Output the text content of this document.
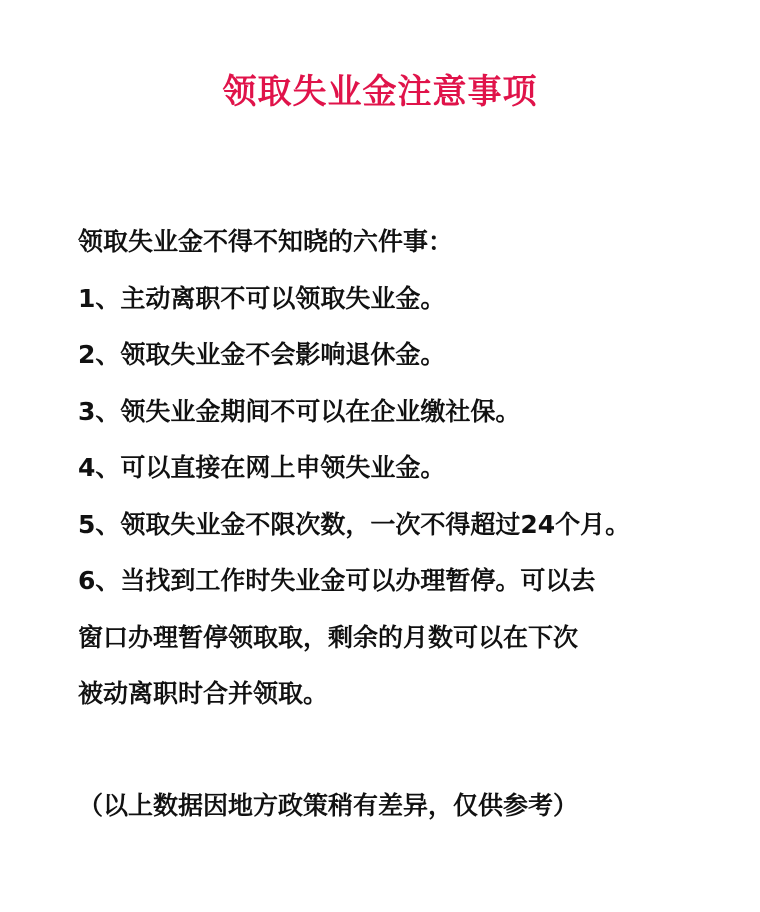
领取失业金注意事项
领取失业金不得不知晓的六件事：
1、主动离职不可以领取失业金。
2、领取失业金不会影响退休金。
3、领失业金期间不可以在企业缴社保。
4、可以直接在网上申领失业金。
5、领取失业金不限次数，一次不得超过24个月。
6、当找到工作时失业金可以办理暂停。可以去
窗口办理暂停领取取，剩余的月数可以在下次
被动离职时合并领取。

（以上数据因地方政策稍有差异，仅供参考）
